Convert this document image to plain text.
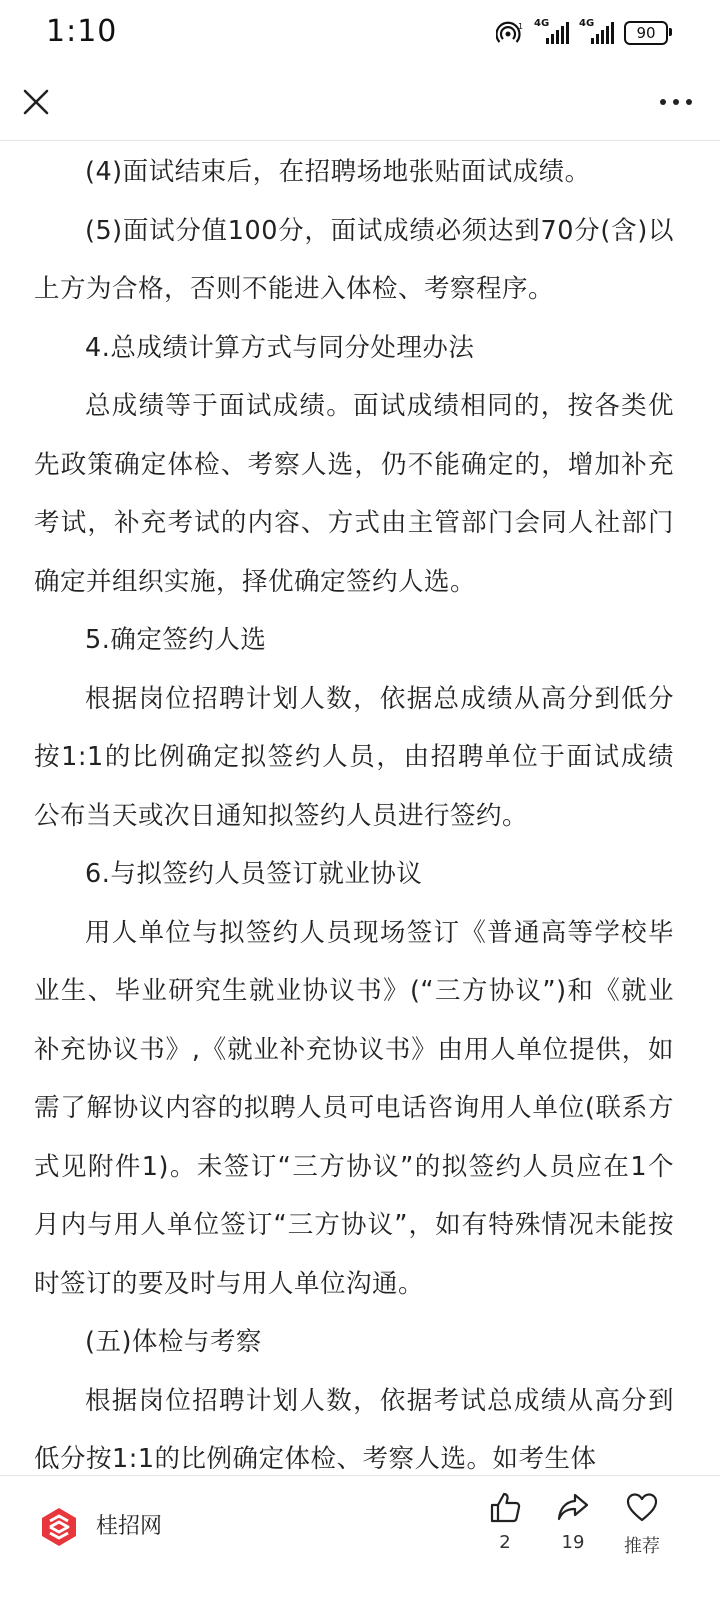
1:10	1 4G	4G
90

(4)面试结束后，在招聘场地张贴面试成绩。

(5)面试分值100分，面试成绩必须达到70分(含)以上方为合格，否则不能进入体检、考察程序。

4.总成绩计算方式与同分处理办法

总成绩等于面试成绩。面试成绩相同的，按各类优先政策确定体检、考察人选，仍不能确定的，增加补充考试，补充考试的内容、方式由主管部门会同人社部门确定并组织实施，择优确定签约人选。

5.确定签约人选

根据岗位招聘计划人数，依据总成绩从高分到低分按1:1的比例确定拟签约人员，由招聘单位于面试成绩公布当天或次日通知拟签约人员进行签约。

6.与拟签约人员签订就业协议

用人单位与拟签约人员现场签订《普通高等学校毕业生、毕业研究生就业协议书》(“三方协议”)和《就业补充协议书》,《就业补充协议书》由用人单位提供，如需了解协议内容的拟聘人员可电话咨询用人单位(联系方式见附件1)。未签订“三方协议”的拟签约人员应在1个月内与用人单位签订“三方协议”，如有特殊情况未能按时签订的要及时与用人单位沟通。

(五)体检与考察

根据岗位招聘计划人数，依据考试总成绩从高分到低分按1:1的比例确定体检、考察人选。如考生体

桂招网
2	19	推荐
